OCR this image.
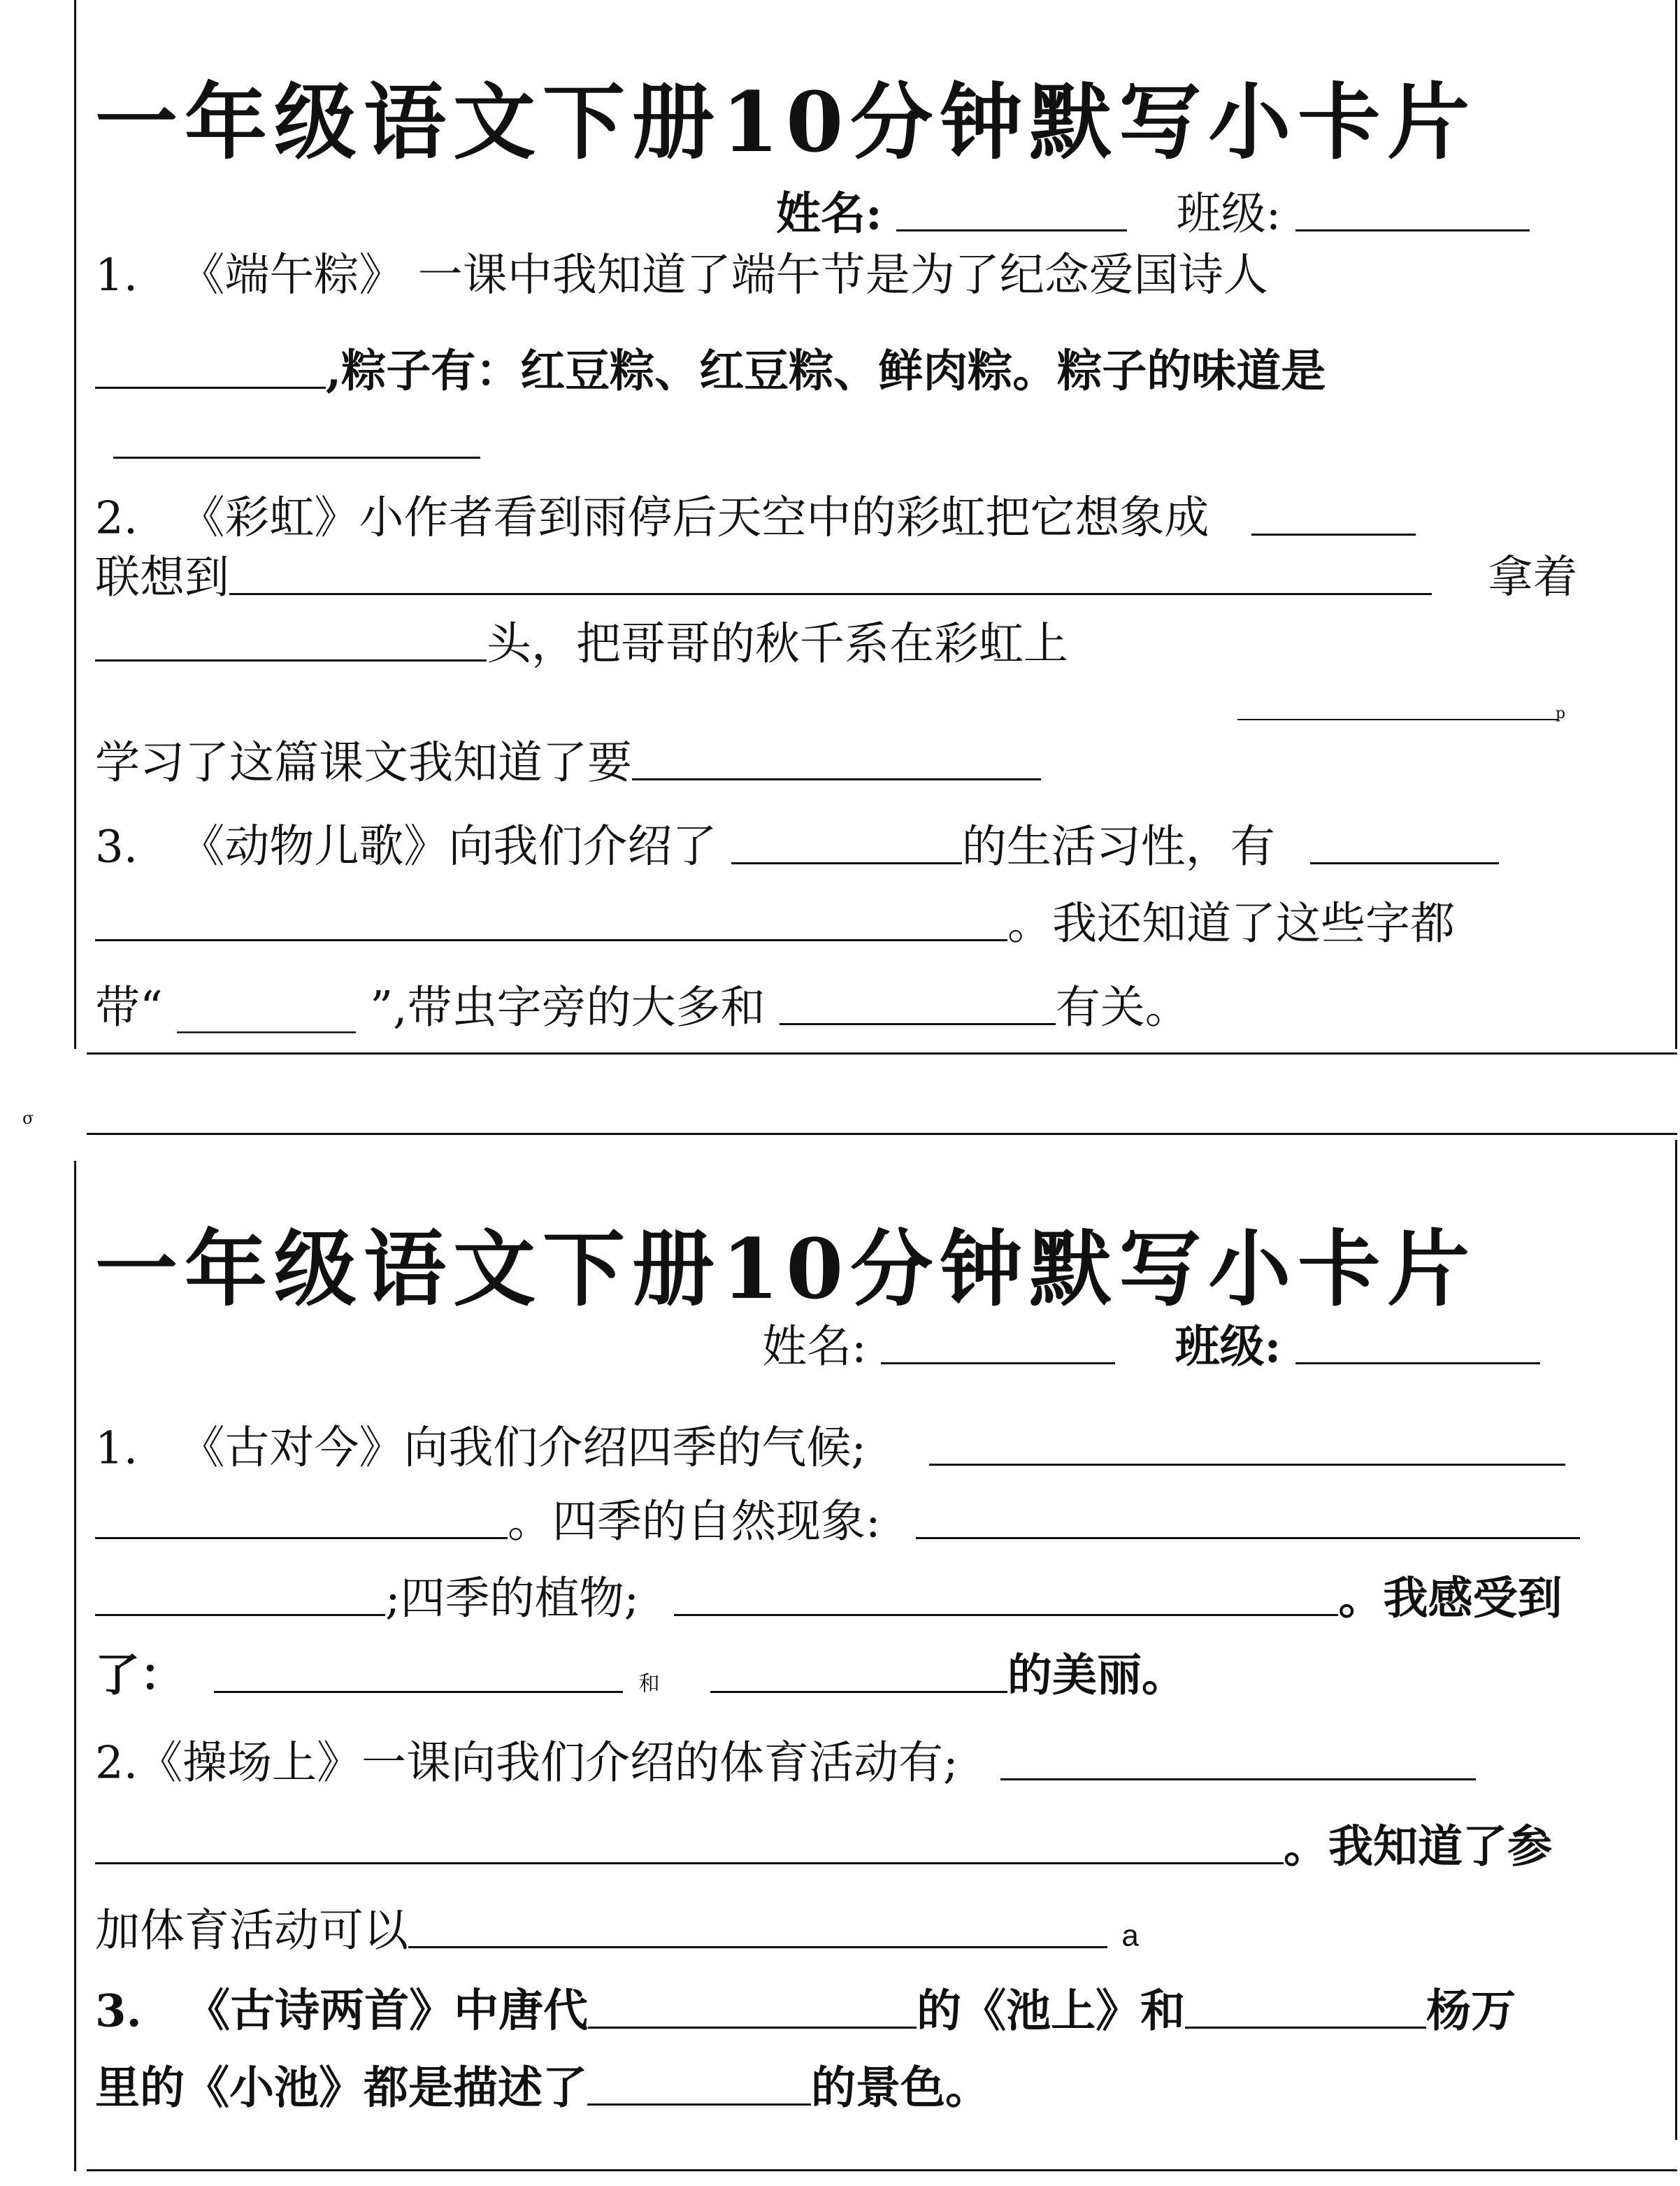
一年级语文下册10分钟默写小卡片
姓名:	班级:
1. 《端午粽》 一课中我知道了端午节是为了纪念爱国诗人
,粽子有：红豆粽、红豆粽、鲜肉粽。粽子的味道是
2. 《彩虹》小作者看到雨停后天空中的彩虹把它想象成
联想到	拿着
头，把哥哥的秋千系在彩虹上
p
学习了这篇课文我知道了要
3. 《动物儿歌》向我们介绍了	的生活习性，有
。我还知道了这些字都
带“ ________ ”,带虫字旁的大多和	有关。
σ
一年级语文下册10分钟默写小卡片
姓名:	班级:
1. 《古对今》向我们介绍四季的气候;
。四季的自然现象:
;四季的植物;	。我感受到
了：	和	的美丽。
2.《操场上》一课向我们介绍的体育活动有;
。我知道了参
加体育活动可以	a
3. 《古诗两首》中唐代	的《池上》和	杨万
里的《小池》都是描述了	的景色。
